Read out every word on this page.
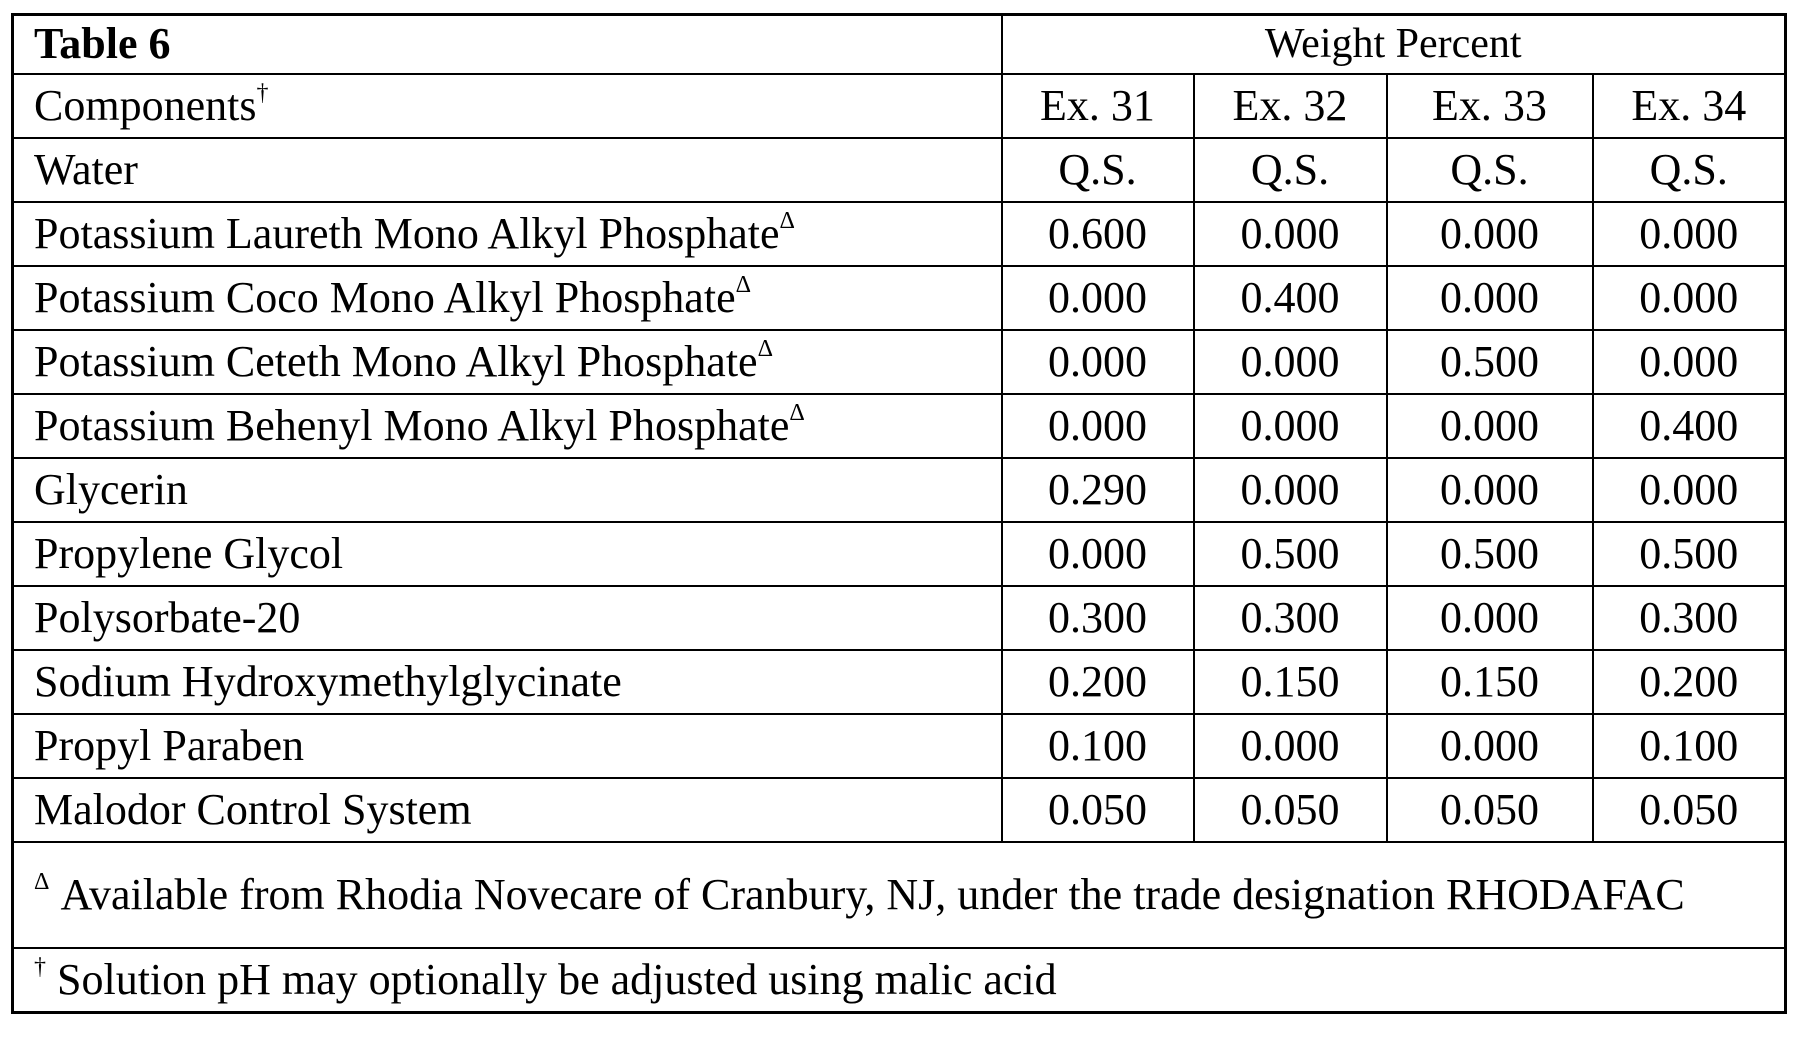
Table 6	Weight Percent
Components†	Ex. 31	Ex. 32	Ex. 33	Ex. 34
Water	Q.S.	Q.S.	Q.S.	Q.S.
Potassium Laureth Mono Alkyl PhosphateΔ	0.600	0.000	0.000	0.000
Potassium Coco Mono Alkyl PhosphateΔ	0.000	0.400	0.000	0.000
Potassium Ceteth Mono Alkyl PhosphateΔ	0.000	0.000	0.500	0.000
Potassium Behenyl Mono Alkyl PhosphateΔ	0.000	0.000	0.000	0.400
Glycerin	0.290	0.000	0.000	0.000
Propylene Glycol	0.000	0.500	0.500	0.500
Polysorbate-20	0.300	0.300	0.000	0.300
Sodium Hydroxymethylglycinate	0.200	0.150	0.150	0.200
Propyl Paraben	0.100	0.000	0.000	0.100
Malodor Control System	0.050	0.050	0.050	0.050
Δ Available from Rhodia Novecare of Cranbury, NJ, under the trade designation RHODAFAC
† Solution pH may optionally be adjusted using malic acid
